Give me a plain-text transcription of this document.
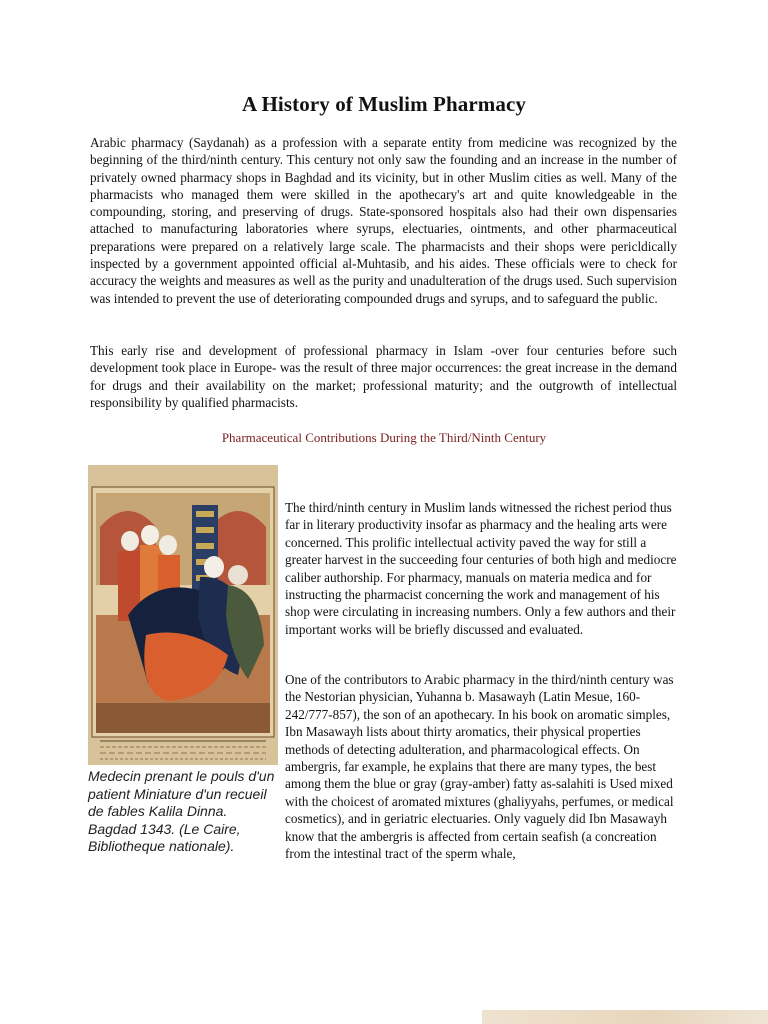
A History of Muslim Pharmacy

Arabic pharmacy (Saydanah) as a profession with a separate entity from medicine was recognized by the beginning of the third/ninth century. This century not only saw the founding and an increase in the number of privately owned pharmacy shops in Baghdad and its vicinity, but in other Muslim cities as well. Many of the pharmacists who managed them were skilled in the apothecary's art and quite knowledgeable in the compounding, storing, and preserving of drugs. State-sponsored hospitals also had their own dispensaries attached to manufacturing laboratories where syrups, electuaries, ointments, and other pharmaceutical preparations were prepared on a relatively large scale. The pharmacists and their shops were pericldically inspected by a government appointed official al-Muhtasib, and his aides. These officials were to check for accuracy the weights and measures as well as the purity and unadulteration of the drugs used. Such supervision was intended to prevent the use of deteriorating compounded drugs and syrups, and to safeguard the public.

This early rise and development of professional pharmacy in Islam -over four centuries before such development took place in Europe- was the result of three major occurrences: the great increase in the demand for drugs and their availability on the market; professional maturity; and the outgrowth of intellectual responsibility by qualified pharmacists.

Pharmaceutical Contributions During the Third/Ninth Century

Medecin prenant le pouls d'un patient Miniature d'un recueil de fables Kalila Dinna. Bagdad 1343. (Le Caire, Bibliotheque nationale).

The third/ninth century in Muslim lands witnessed the richest period thus far in literary productivity insofar as pharmacy and the healing arts were concerned. This prolific intellectual activity paved the way for still a greater harvest in the succeeding four centuries of both high and mediocre caliber authorship. For pharmacy, manuals on materia medica and for instructing the pharmacist concerning the work and management of his shop were circulating in increasing numbers. Only a few authors and their important works will be briefly discussed and evaluated.

One of the contributors to Arabic pharmacy in the third/ninth century was the Nestorian physician, Yuhanna b. Masawayh (Latin Mesue, 160-242/777-857), the son of an apothecary. In his book on aromatic simples, Ibn Masawayh lists about thirty aromatics, their physical properties methods of detecting adulteration, and pharmacological effects. On ambergris, far example, he explains that there are many types, the best among them the blue or gray (gray-amber) fatty as-salahiti is Used mixed with the choicest of aromated mixtures (ghaliyyahs, perfumes, or medical cosmetics), and in geriatric electuaries. Only vaguely did Ibn Masawayh know that the ambergris is affected from certain seafish (a concreation from the intestinal tract of the sperm whale,
